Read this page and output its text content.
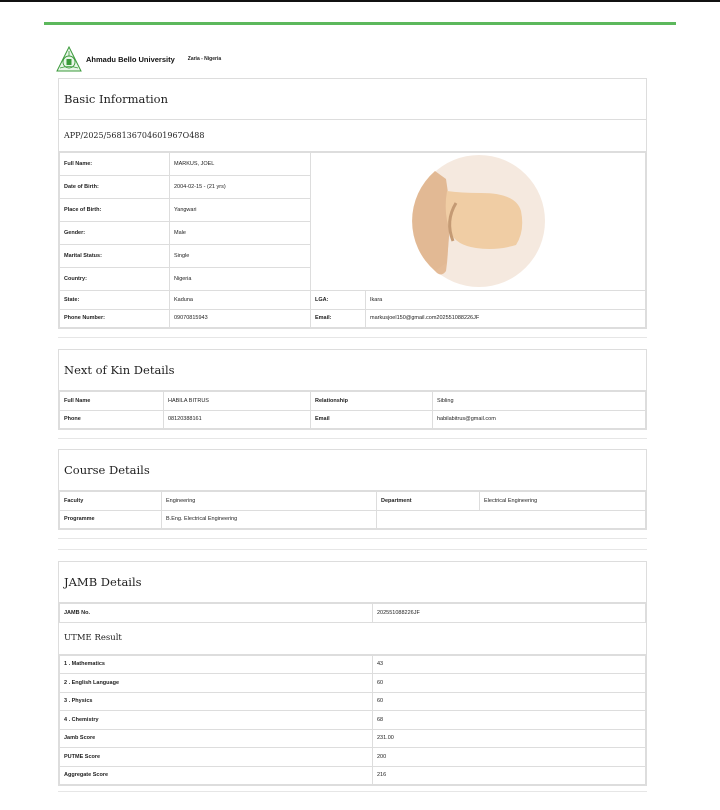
Ahmadu Bello University	Zaria - Nigeria
Basic Information
APP/2025/568136704601967O488
Full Name:	MARKUS, JOEL	

Date of Birth:	2004-02-15 - (21 yrs)		
Place of Birth:	Yangwari		
Gender:	Male		
Marital Status:	Single		
Country:	Nigeria		
State:	Kaduna	LGA:	Ikara
Phone Number:	09070815943	Email:	markusjoel150@gmail.com202551088226JF
Next of Kin Details
Full Name	HABILA BITRUS	Relationship	Sibling
Phone	08120388161	Email	habilabitrus@gmail.com
Course Details
Faculty	Engineering	Department	Electrical Engineering
Programme	B.Eng. Electrical Engineering		
JAMB Details
JAMB No.	202551088226JF
UTME Result
1 . Mathematics	43
2 . English Language	60
3 . Physics	60
4 . Chemistry	68
Jamb Score	231.00
PUTME Score	200
Aggregate Score	216
